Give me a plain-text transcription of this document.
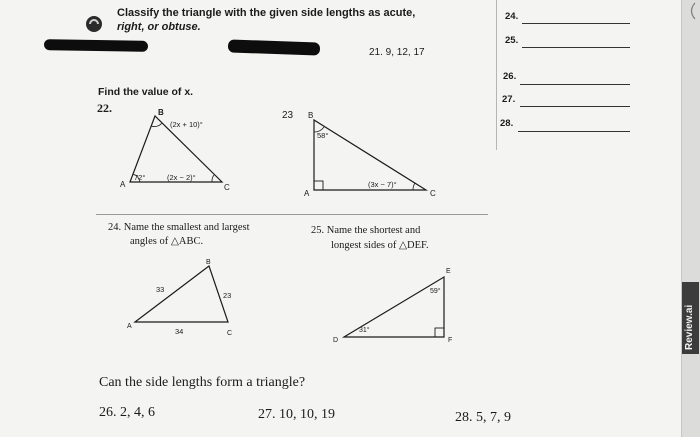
Classify the triangle with the given side lengths as acute,
right, or obtuse.
21. 9, 12, 17
Find the value of x.
22.	B
A	C
(2x + 10)°
72°	(2x − 2)°
23 B
A	C
58°
(3x − 7)°
24. Name the smallest and largest
angles of △ABC.
25. Name the shortest and
longest sides of △DEF.
B
A
C
33
23
34
E
D	F
59°
31°
Can the side lengths form a triangle?
26. 2, 4, 6	27. 10, 10, 19	28. 5, 7, 9
24.
25.
26.
27.
28.
Review.ai
